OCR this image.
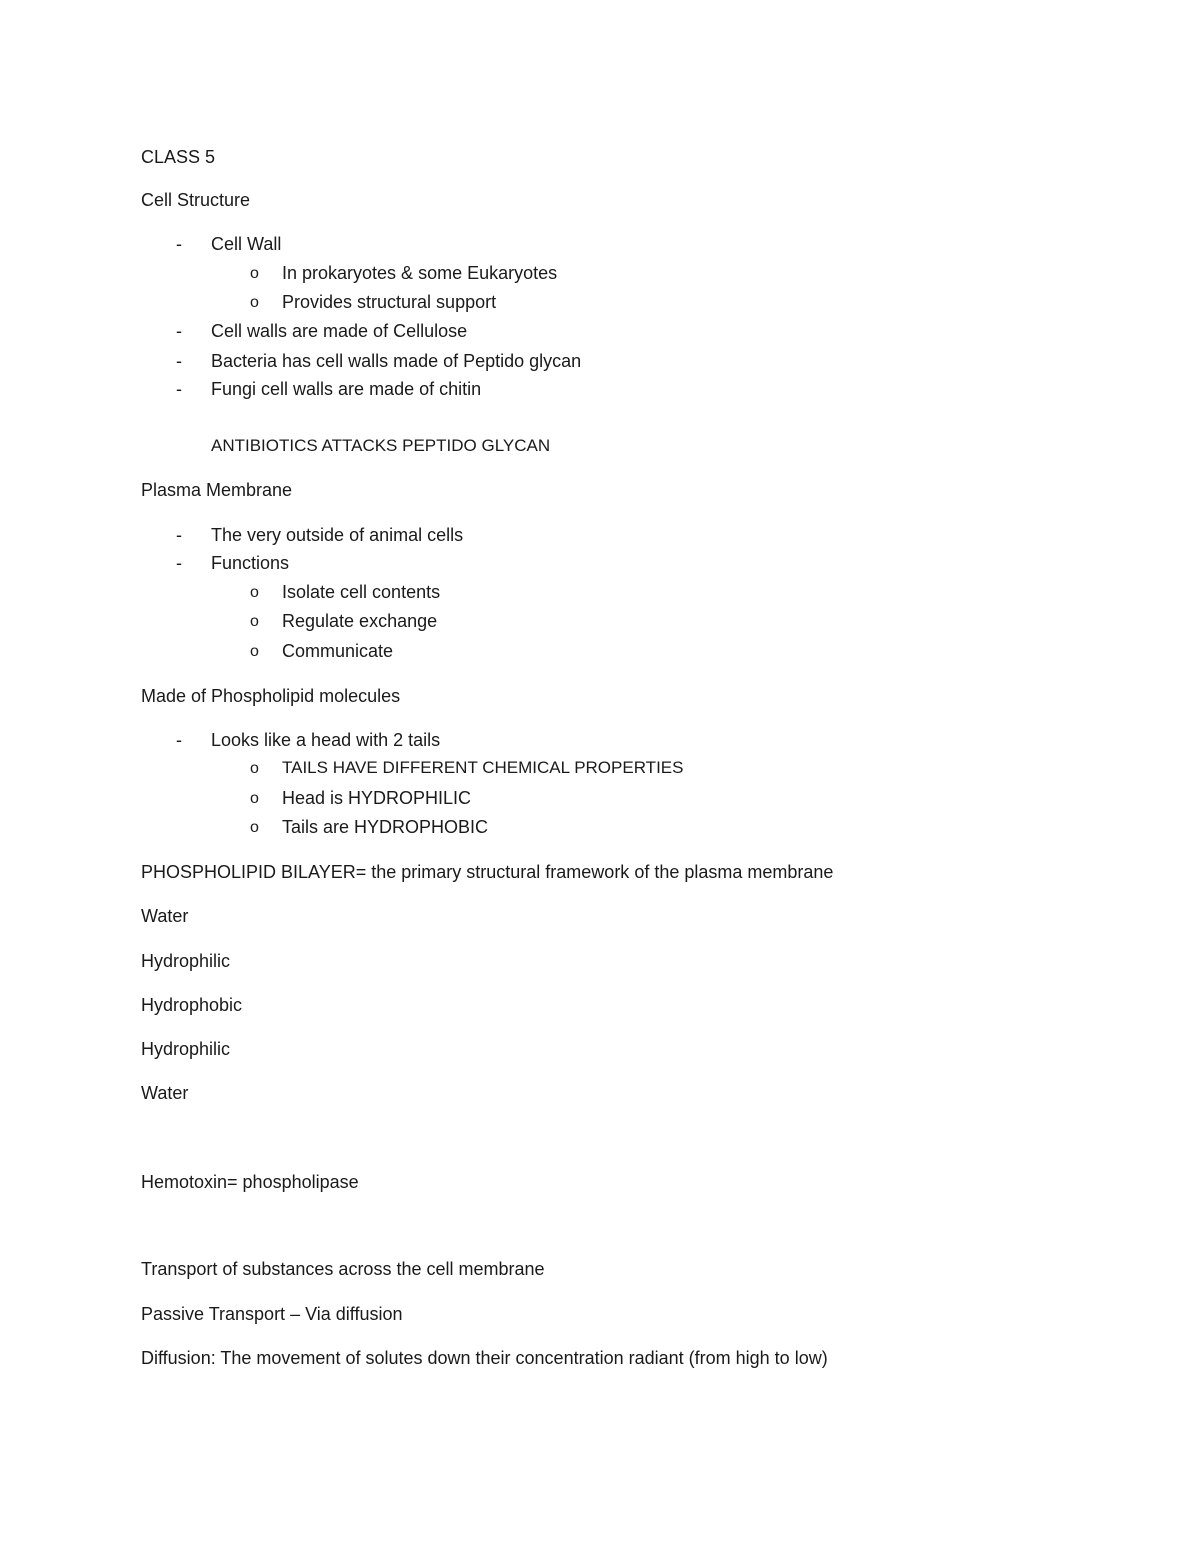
CLASS 5
Cell Structure
- Cell Wall
o In prokaryotes & some Eukaryotes
o Provides structural support
- Cell walls are made of Cellulose
- Bacteria has cell walls made of Peptido glycan
- Fungi cell walls are made of chitin
ANTIBIOTICS ATTACKS PEPTIDO GLYCAN
Plasma Membrane
- The very outside of animal cells
- Functions
o Isolate cell contents
o Regulate exchange
o Communicate
Made of Phospholipid molecules
- Looks like a head with 2 tails
o TAILS HAVE DIFFERENT CHEMICAL PROPERTIES
o Head is HYDROPHILIC
o Tails are HYDROPHOBIC
PHOSPHOLIPID BILAYER= the primary structural framework of the plasma membrane
Water
Hydrophilic
Hydrophobic
Hydrophilic
Water
Hemotoxin= phospholipase
Transport of substances across the cell membrane
Passive Transport – Via diffusion
Diffusion: The movement of solutes down their concentration radiant (from high to low)
